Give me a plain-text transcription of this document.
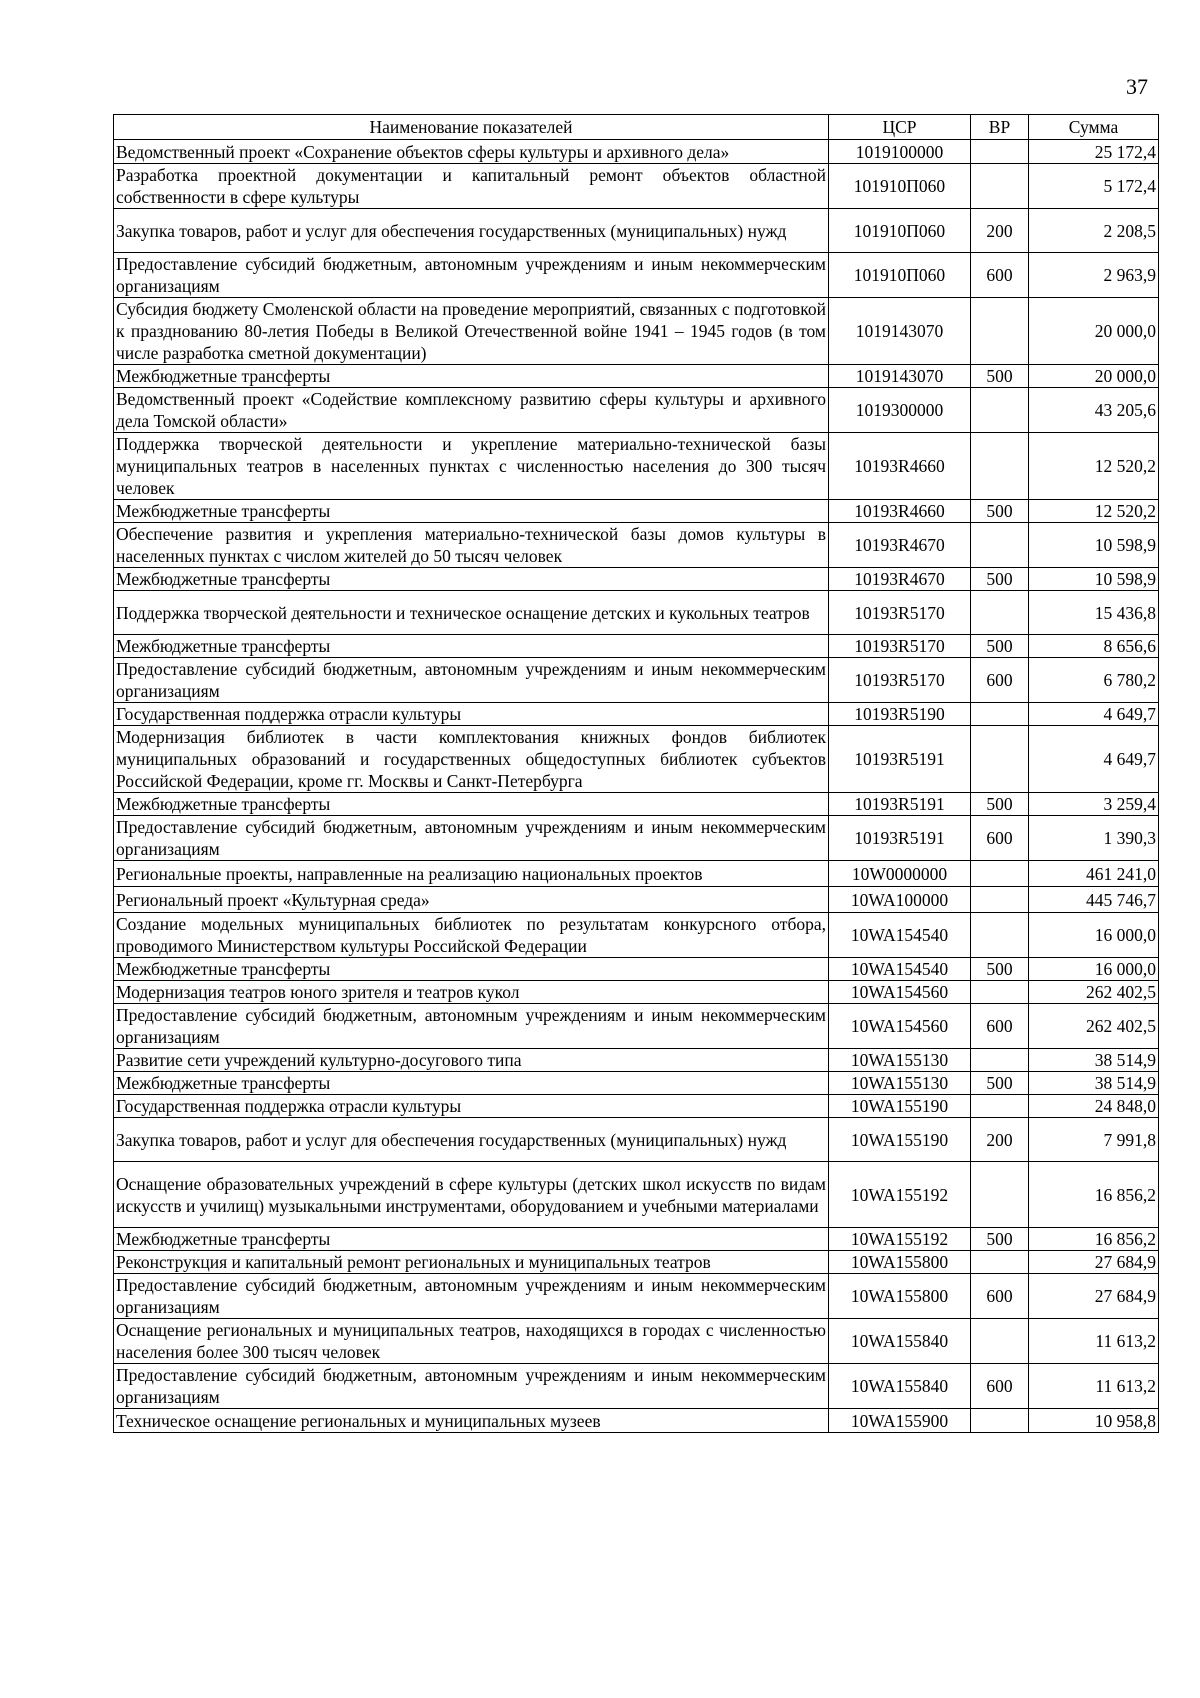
37
Наименование показателей	ЦСР	ВР	Сумма
Ведомственный проект «Сохранение объектов сферы культуры и архивного дела»	1019100000		25 172,4
Разработка проектной документации и капитальный ремонт объектов областной собственности в сфере культуры	101910П060		5 172,4
Закупка товаров, работ и услуг для обеспечения государственных (муниципальных) нужд	101910П060	200	2 208,5
Предоставление субсидий бюджетным, автономным учреждениям и иным некоммерческим организациям	101910П060	600	2 963,9
Субсидия бюджету Смоленской области на проведение мероприятий, связанных с подготовкой к празднованию 80-летия Победы в Великой Отечественной войне 1941 – 1945 годов (в том числе разработка сметной документации)	1019143070		20 000,0
Межбюджетные трансферты	1019143070	500	20 000,0
Ведомственный проект «Содействие комплексному развитию сферы культуры и архивного дела Томской области»	1019300000		43 205,6
Поддержка творческой деятельности и укрепление материально-технической базы муниципальных театров в населенных пунктах с численностью населения до 300 тысяч человек	10193R4660		12 520,2
Межбюджетные трансферты	10193R4660	500	12 520,2
Обеспечение развития и укрепления материально-технической базы домов культуры в населенных пунктах с числом жителей до 50 тысяч человек	10193R4670		10 598,9
Межбюджетные трансферты	10193R4670	500	10 598,9
Поддержка творческой деятельности и техническое оснащение детских и кукольных театров	10193R5170		15 436,8
Межбюджетные трансферты	10193R5170	500	8 656,6
Предоставление субсидий бюджетным, автономным учреждениям и иным некоммерческим организациям	10193R5170	600	6 780,2
Государственная поддержка отрасли культуры	10193R5190		4 649,7
Модернизация библиотек в части комплектования книжных фондов библиотек муниципальных образований и государственных общедоступных библиотек субъектов Российской Федерации, кроме гг. Москвы и Санкт-Петербурга	10193R5191		4 649,7
Межбюджетные трансферты	10193R5191	500	3 259,4
Предоставление субсидий бюджетным, автономным учреждениям и иным некоммерческим организациям	10193R5191	600	1 390,3
Региональные проекты, направленные на реализацию национальных проектов	10W0000000		461 241,0
Региональный проект «Культурная среда»	10WA100000		445 746,7
Создание модельных муниципальных библиотек по результатам конкурсного отбора, проводимого Министерством культуры Российской Федерации	10WA154540		16 000,0
Межбюджетные трансферты	10WA154540	500	16 000,0
Модернизация театров юного зрителя и театров кукол	10WA154560		262 402,5
Предоставление субсидий бюджетным, автономным учреждениям и иным некоммерческим организациям	10WA154560	600	262 402,5
Развитие сети учреждений культурно-досугового типа	10WA155130		38 514,9
Межбюджетные трансферты	10WA155130	500	38 514,9
Государственная поддержка отрасли культуры	10WA155190		24 848,0
Закупка товаров, работ и услуг для обеспечения государственных (муниципальных) нужд	10WA155190	200	7 991,8
Оснащение образовательных учреждений в сфере культуры (детских школ искусств по видам искусств и училищ) музыкальными инструментами, оборудованием и учебными материалами	10WA155192		16 856,2
Межбюджетные трансферты	10WA155192	500	16 856,2
Реконструкция и капитальный ремонт региональных и муниципальных театров	10WA155800		27 684,9
Предоставление субсидий бюджетным, автономным учреждениям и иным некоммерческим организациям	10WA155800	600	27 684,9
Оснащение региональных и муниципальных театров, находящихся в городах с численностью населения более 300 тысяч человек	10WA155840		11 613,2
Предоставление субсидий бюджетным, автономным учреждениям и иным некоммерческим организациям	10WA155840	600	11 613,2
Техническое оснащение региональных и муниципальных музеев	10WA155900		10 958,8
